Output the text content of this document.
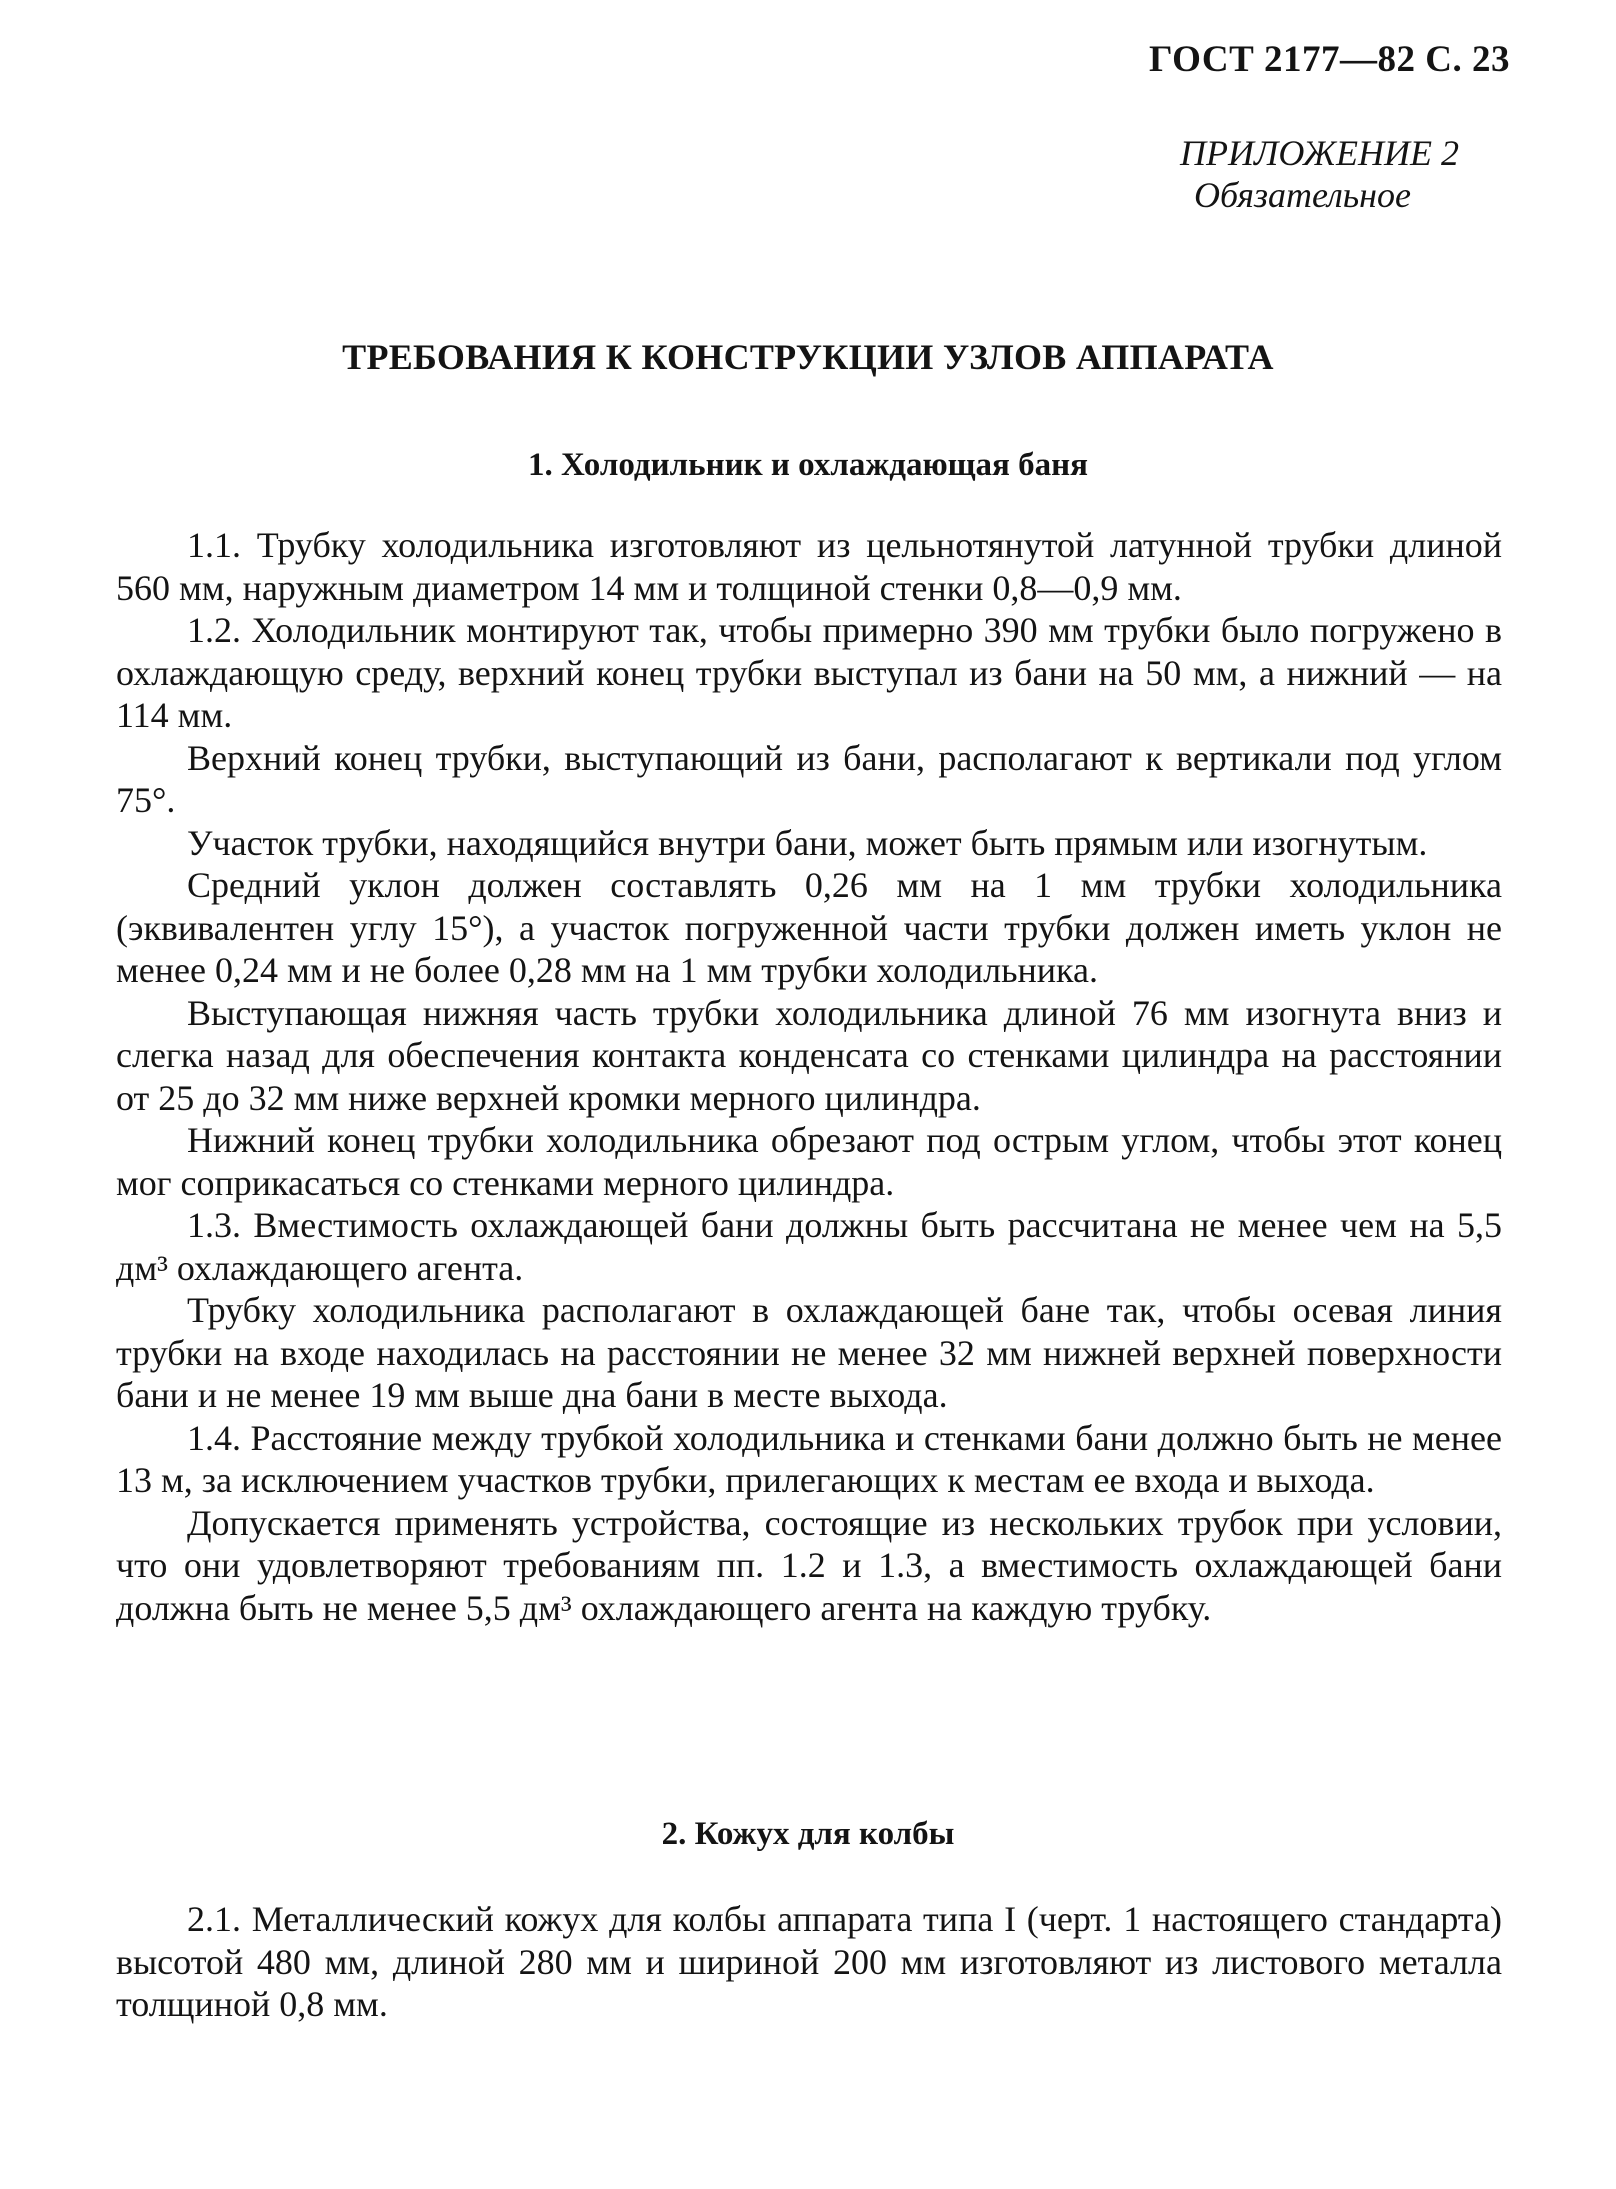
ГОСТ 2177—82 С. 23
ПРИЛОЖЕНИЕ 2
Обязательное
ТРЕБОВАНИЯ К КОНСТРУКЦИИ УЗЛОВ АППАРАТА
1. Холодильник и охлаждающая баня

1.1. Трубку холодильника изготовляют из цельнотянутой латунной трубки длиной 560 мм, наружным диаметром 14 мм и толщиной стенки 0,8—0,9 мм.

1.2. Холодильник монтируют так, чтобы примерно 390 мм трубки было погружено в охлаждающую среду, верхний конец трубки выступал из бани на 50 мм, а нижний — на 114 мм.

Верхний конец трубки, выступающий из бани, располагают к вертикали под углом 75°.

Участок трубки, находящийся внутри бани, может быть прямым или изогнутым.

Средний уклон должен составлять 0,26 мм на 1 мм трубки холодильника (эквивалентен углу 15°), а участок погруженной части трубки должен иметь уклон не менее 0,24 мм и не более 0,28 мм на 1 мм трубки холодильника.

Выступающая нижняя часть трубки холодильника длиной 76 мм изогнута вниз и слегка назад для обеспечения контакта конденсата со стенками цилиндра на расстоянии от 25 до 32 мм ниже верхней кромки мерного цилиндра.

Нижний конец трубки холодильника обрезают под острым углом, чтобы этот конец мог соприкасаться со стенками мерного цилиндра.

1.3. Вместимость охлаждающей бани должны быть рассчитана не менее чем на 5,5 дм³ охлаждающего агента.

Трубку холодильника располагают в охлаждающей бане так, чтобы осевая линия трубки на входе находилась на расстоянии не менее 32 мм нижней верхней поверхности бани и не менее 19 мм выше дна бани в месте выхода.

1.4. Расстояние между трубкой холодильника и стенками бани должно быть не менее 13 м, за исключением участков трубки, прилегающих к местам ее входа и выхода.

Допускается применять устройства, состоящие из нескольких трубок при условии, что они удовлетворяют требованиям пп. 1.2 и 1.3, а вместимость охлаждающей бани должна быть не менее 5,5 дм³ охлаждающего агента на каждую трубку.

2. Кожух для колбы

2.1. Металлический кожух для колбы аппарата типа I (черт. 1 настоящего стандарта) высотой 480 мм, длиной 280 мм и шириной 200 мм изготовляют из листового металла толщиной 0,8 мм.
